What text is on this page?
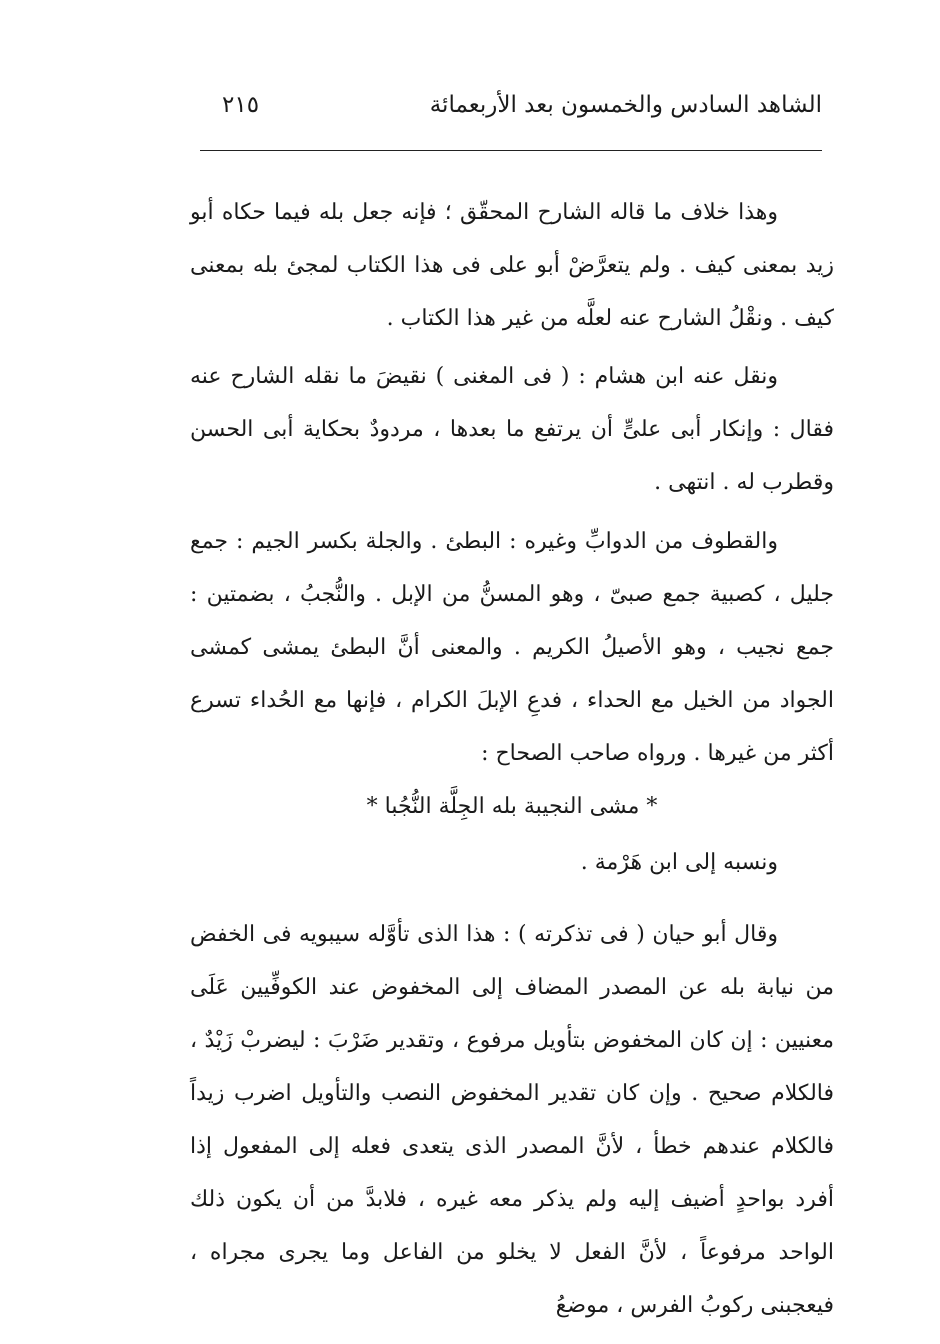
الشاهد السادس والخمسون بعد الأربعمائة
٢١٥

وهذا خلاف ما قاله الشارح المحقّق ؛ فإنه جعل بله فيما حكاه أبو زيد بمعنى كيف . ولم يتعرَّضْ أبو على فى هذا الكتاب لمجئ بله بمعنى كيف . ونقْلُ الشارح عنه لعلَّه من غير هذا الكتاب .

ونقل عنه ابن هشام : ( فى المغنى ) نقيضَ ما نقله الشارح عنه فقال : وإنكار أبى علىٍّ أن يرتفع ما بعدها ، مردودٌ بحكاية أبى الحسن وقطرب له . انتهى .

والقطوف من الدوابِّ وغيره : البطئ . والجلة بكسر الجيم : جمع جليل ، كصبية جمع صبىّ ، وهو المسنُّ من الإبل . والنُّجبُ ، بضمتين : جمع نجيب ، وهو الأصيلُ الكريم . والمعنى أنَّ البطئ يمشى كمشى الجواد من الخيل مع الحداء ، فدعِ الإبلَ الكرام ، فإنها مع الحُداء تسرع أكثر من غيرها . ورواه صاحب الصحاح :

* مشى النجيبة بله الجِلَّة النُّجُبا *

ونسبه إلى ابن هَرْمة .

وقال أبو حيان ( فى تذكرته ) : هذا الذى تأوَّله سيبويه فى الخفض من نيابة بله عن المصدر المضاف إلى المخفوض عند الكوفِّيين عَلَى معنيين : إن كان المخفوض بتأويل مرفوع ، وتقدير ضَرْبَ : ليضربْ زَيْدٌ ، فالكلام صحيح . وإن كان تقدير المخفوض النصب والتأويل اضرب زيداً فالكلام عندهم خطأ ، لأنَّ المصدر الذى يتعدى فعله إلى المفعول إذا أفرد بواحدٍ أضيف إليه ولم يذكر معه غيره ، فلابدَّ من أن يكون ذلك الواحد مرفوعاً ، لأنَّ الفعل لا يخلو من الفاعل وما يجرى مجراه ، فيعجبنى ركوبُ الفرس ، موضعُ
